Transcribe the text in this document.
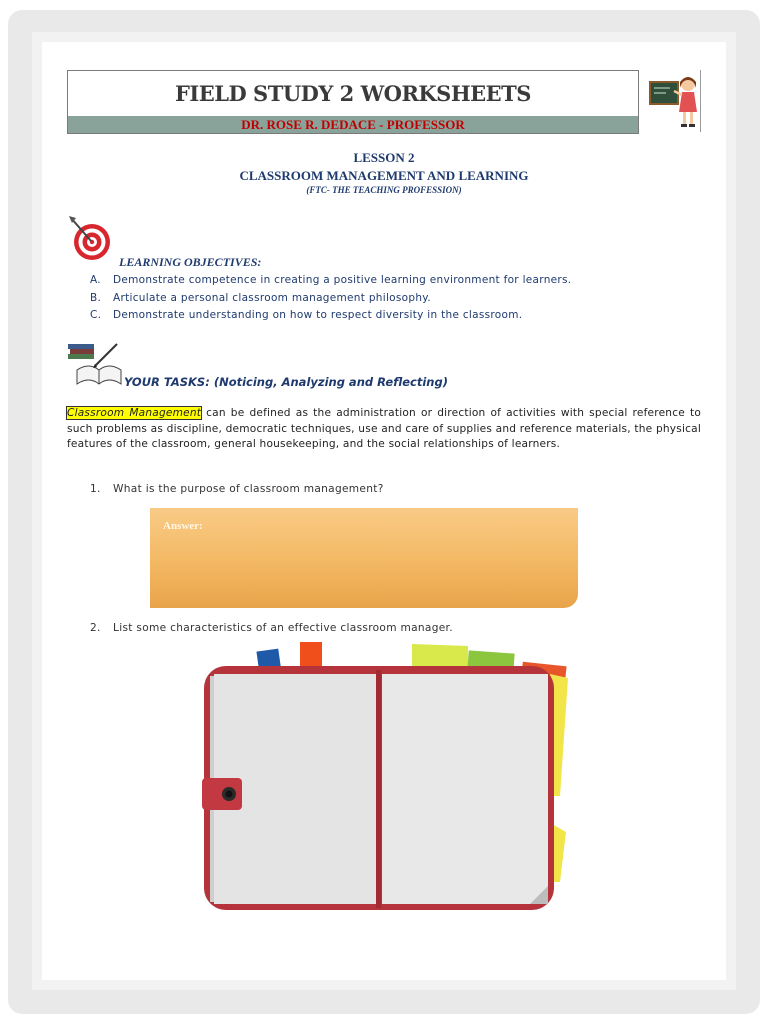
FIELD STUDY 2 WORKSHEETS
DR. ROSE R. DEDACE - PROFESSOR
LESSON 2
CLASSROOM MANAGEMENT AND LEARNING
(FTC- THE TEACHING PROFESSION)
LEARNING OBJECTIVES:
A.	Demonstrate competence in creating a positive learning environment for learners.
B.	Articulate a personal classroom management philosophy.
C.	Demonstrate understanding on how to respect diversity in the classroom.
YOUR TASKS: (Noticing, Analyzing and Reflecting)
Classroom Management can be defined as the administration or direction of activities with special reference to such problems as discipline, democratic techniques, use and care of supplies and reference materials, the physical features of the classroom, general housekeeping, and the social relationships of learners.
1.	What is the purpose of classroom management?
Answer:
2.	List some characteristics of an effective classroom manager.
